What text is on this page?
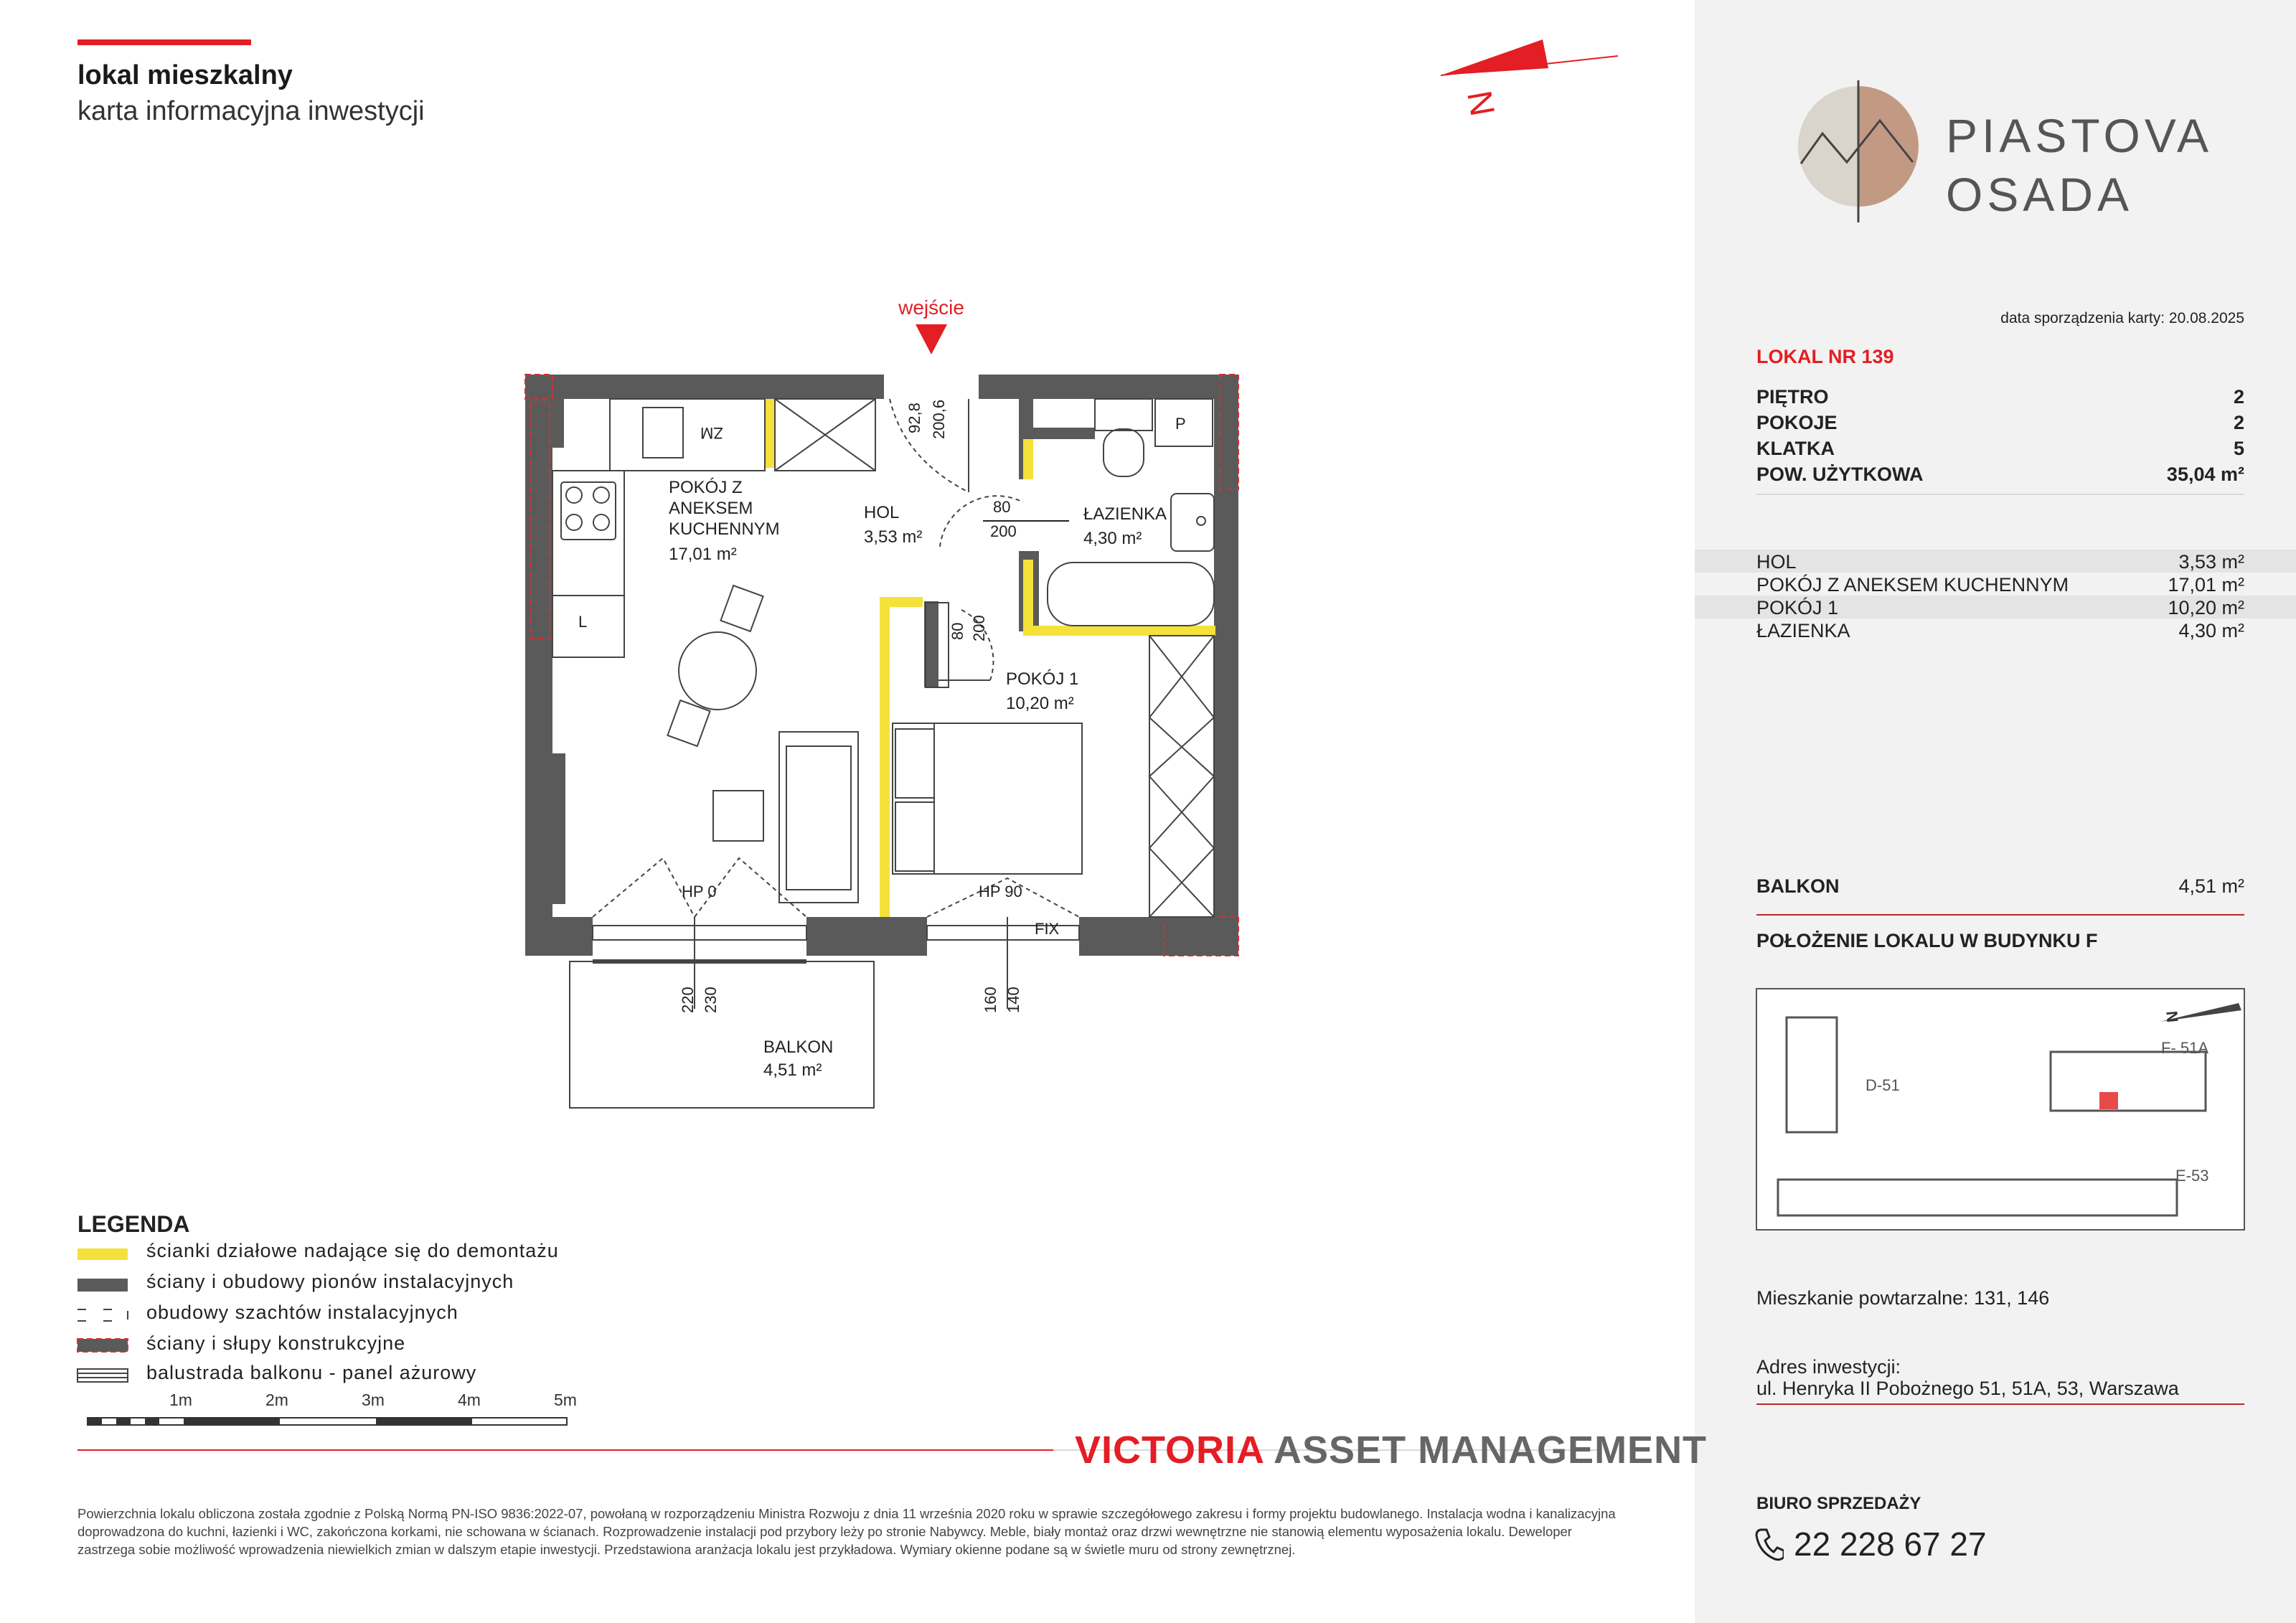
lokal mieszkalny
karta informacyjna inwestycji	N
wejście
POKÓJ Z
ANEKSEM
KUCHENNYM
17,01 m²
HOL
3,53 m²
ŁAZIENKA
4,30 m²
POKÓJ 1
10,20 m²
BALKON
4,51 m²
ZM
L
P
92,8 200,6
80
200
80 200
220 230	160 140
HP 0	HP 90
FIX
LEGENDA
ścianki działowe nadające się do demontażu
ściany i obudowy pionów instalacyjnych
obudowy szachtów instalacyjnych
ściany i słupy konstrukcyjne
balustrada balkonu - panel ażurowy
1m	2m	3m	4m	5m
VICTORIA ASSET MANAGEMENT
Powierzchnia lokalu obliczona została zgodnie z Polską Normą PN-ISO 9836:2022-07, powołaną w rozporządzeniu Ministra Rozwoju z dnia 11 września 2020 roku w sprawie szczegółowego zakresu i formy projektu budowlanego. Instalacja wodna i kanalizacyjna doprowadzona do kuchni, łazienki i WC, zakończona korkami, nie schowana w ścianach. Rozprowadzenie instalacji pod przybory leży po stronie Nabywcy. Meble, biały montaż oraz drzwi wewnętrzne nie stanowią elementu wyposażenia lokalu. Deweloper zastrzega sobie możliwość wprowadzenia niewielkich zmian w dalszym etapie inwestycji. Przedstawiona aranżacja lokalu jest przykładowa. Wymiary okienne podane są w świetle muru od strony zewnętrznej.
PIASTOVA
OSADA
data sporządzenia karty: 20.08.2025
LOKAL NR 139
PIĘTRO	2
POKOJE	2
KLATKA	5
POW. UŻYTKOWA	35,04 m²
HOL	3,53 m²
POKÓJ Z ANEKSEM KUCHENNYM	17,01 m²
POKÓJ 1	10,20 m²
ŁAZIENKA	4,30 m²
BALKON	4,51 m²
POŁOŻENIE LOKALU W BUDYNKU F
D-51
F- 51A
E-53
N
Mieszkanie powtarzalne: 131, 146
Adres inwestycji:
ul. Henryka II Pobożnego 51, 51A, 53, Warszawa
BIURO SPRZEDAŻY
22 228 67 27
